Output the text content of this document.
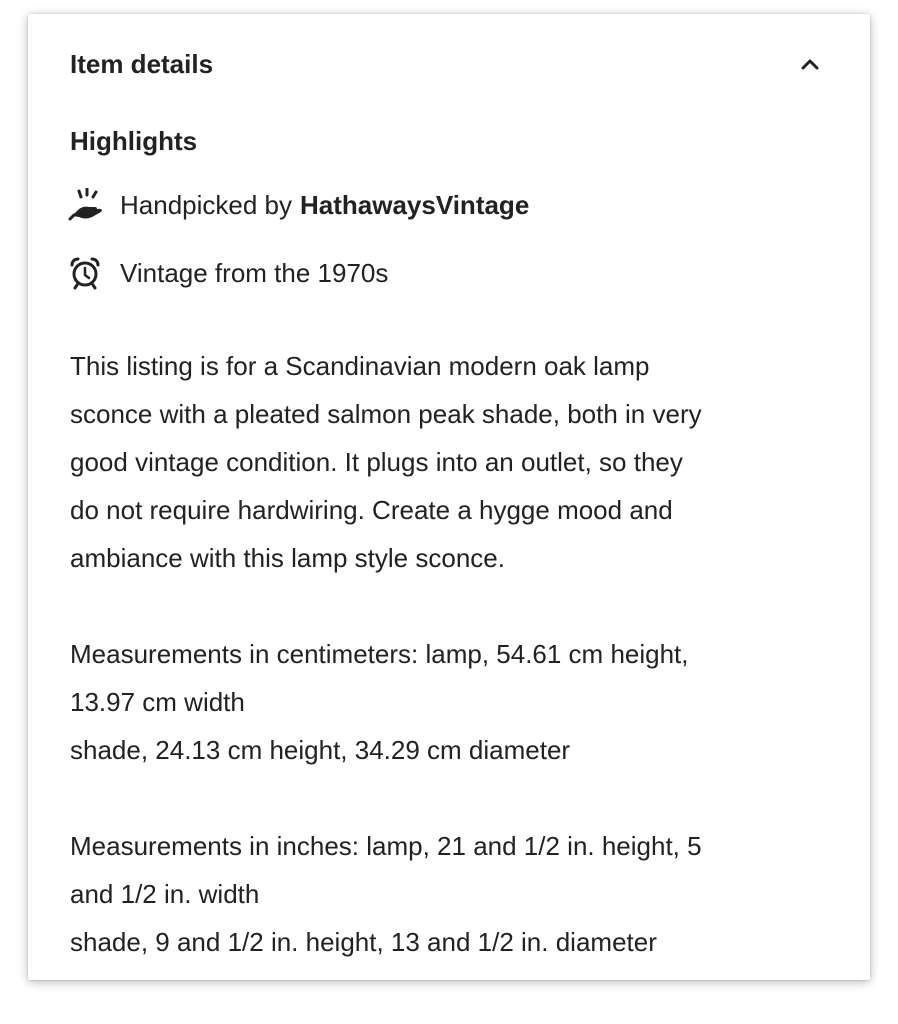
Item details
Highlights
Handpicked by HathawaysVintage
Vintage from the 1970s

This listing is for a Scandinavian modern oak lamp
sconce with a pleated salmon peak shade, both in very
good vintage condition. It plugs into an outlet, so they
do not require hardwiring. Create a hygge mood and
ambiance with this lamp style sconce.

Measurements in centimeters: lamp, 54.61 cm height,
13.97 cm width
shade, 24.13 cm height, 34.29 cm diameter

Measurements in inches: lamp, 21 and 1/2 in. height, 5
and 1/2 in. width
shade, 9 and 1/2 in. height, 13 and 1/2 in. diameter
